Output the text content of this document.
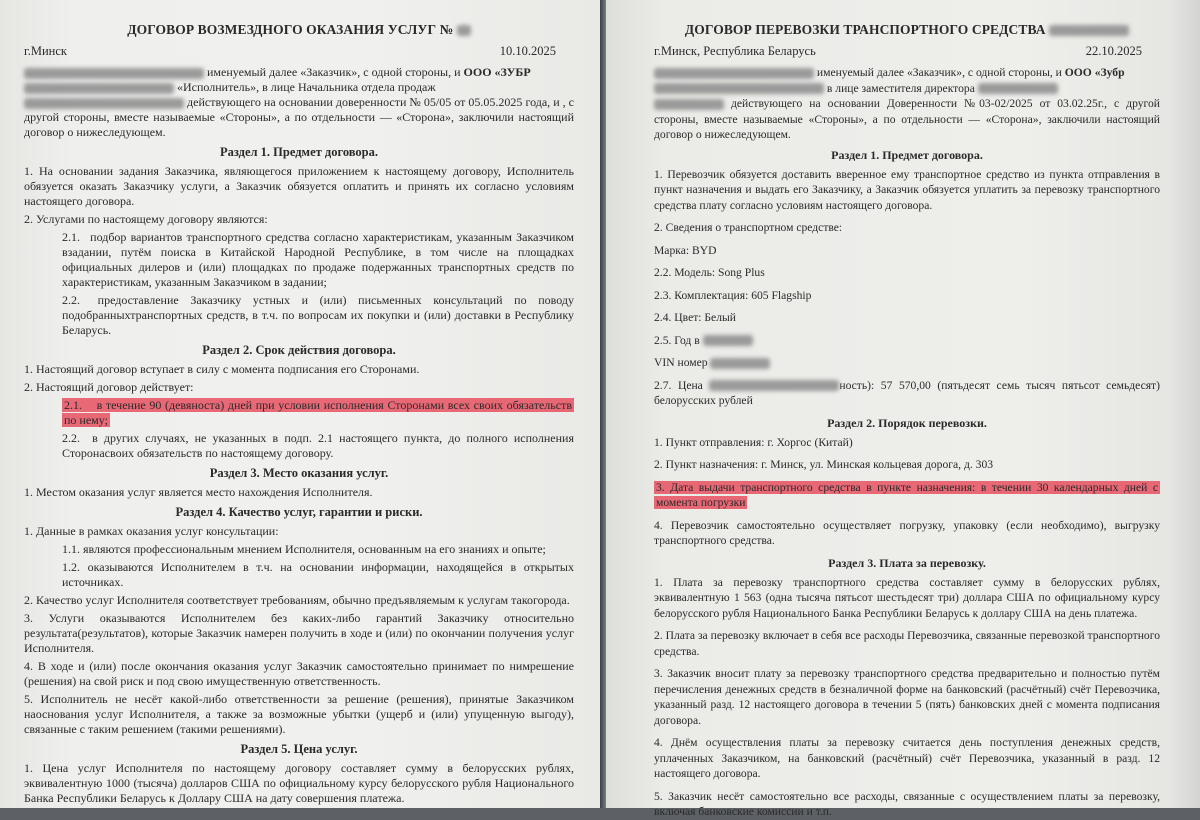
ДОГОВОР ВОЗМЕЗДНОГО ОКАЗАНИЯ УСЛУГ №
г.Минск	10.10.2025

именуемый далее «Заказчик», с одной стороны, и ООО «ЗУБР
«Исполнитель», в лице Начальника отдела продаж
действующего на основании доверенности № 05/05 от 05.05.2025 года, и , с другой стороны, вместе называемые «Стороны», а по отдельности — «Сторона», заключили настоящий договор о нижеследующем.

Раздел 1. Предмет договора.

1. На основании задания Заказчика, являющегося приложением к настоящему договору, Исполнитель обязуется оказать Заказчику услуги, а Заказчик обязуется оплатить и принять их согласно условиям настоящего договора.

2. Услугами по настоящему договору являются:

2.1. подбор вариантов транспортного средства согласно характеристикам, указанным Заказчиком взадании, путём поиска в Китайской Народной Республике, в том числе на площадках официальных дилеров и (или) площадках по продаже подержанных транспортных средств по характеристикам, указанным Заказчиком в задании;

2.2. предоставление Заказчику устных и (или) письменных консультаций по поводу подобранныхтранспортных средств, в т.ч. по вопросам их покупки и (или) доставки в Республику Беларусь.

Раздел 2. Срок действия договора.

1. Настоящий договор вступает в силу с момента подписания его Сторонами.

2. Настоящий договор действует:

2.1. в течение 90 (девяноста) дней при условии исполнения Сторонами всех своих обязательств по нему;

2.2. в других случаях, не указанных в подп. 2.1 настоящего пункта, до полного исполнения Сторонасвоих обязательств по настоящему договору.

Раздел 3. Место оказания услуг.

1. Местом оказания услуг является место нахождения Исполнителя.

Раздел 4. Качество услуг, гарантии и риски.

1. Данные в рамках оказания услуг консультации:

1.1. являются профессиональным мнением Исполнителя, основанным на его знаниях и опыте;

1.2. оказываются Исполнителем в т.ч. на основании информации, находящейся в открытых источниках.

2. Качество услуг Исполнителя соответствует требованиям, обычно предъявляемым к услугам такогорода.

3. Услуги оказываются Исполнителем без каких-либо гарантий Заказчику относительно результата(результатов), которые Заказчик намерен получить в ходе и (или) по окончании получения услуг Исполнителя.

4. В ходе и (или) после окончания оказания услуг Заказчик самостоятельно принимает по нимрешение (решения) на свой риск и под свою имущественную ответственность.

5. Исполнитель не несёт какой-либо ответственности за решение (решения), принятые Заказчиком наоснования услуг Исполнителя, а также за возможные убытки (ущерб и (или) упущенную выгоду), связанные с таким решением (такими решениями).

Раздел 5. Цена услуг.

1. Цена услуг Исполнителя по настоящему договору составляет сумму в белорусских рублях, эквивалентную 1000 (тысяча) долларов США по официальному курсу белорусского рубля Национального Банка Республики Беларусь к Доллару США на дату совершения платежа.

ДОГОВОР ПЕРЕВОЗКИ ТРАНСПОРТНОГО СРЕДСТВА
г.Минск, Республика Беларусь	22.10.2025

именуемый далее «Заказчик», с одной стороны, и ООО «Зубр
в лице заместителя директора
действующего на основании Доверенности №03-02/2025 от 03.02.25г., с другой стороны, вместе называемые «Стороны», а по отдельности — «Сторона», заключили настоящий договор о нижеследующем.

Раздел 1. Предмет договора.

1. Перевозчик обязуется доставить вверенное ему транспортное средство из пункта отправления в пункт назначения и выдать его Заказчику, а Заказчик обязуется уплатить за перевозку транспортного средства плату согласно условиям настоящего договора.

2. Сведения о транспортном средстве:

Марка: BYD

2.2. Модель: Song Plus

2.3. Комплектация: 605 Flagship

2.4. Цвет: Белый

2.5. Год в

VIN номер

2.7. Цена	ность): 57 570,00 (пятьдесят семь тысяч пятьсот семьдесят) белорусских рублей

Раздел 2. Порядок перевозки.

1. Пункт отправления: г. Хоргос (Китай)

2. Пункт назначения: г. Минск, ул. Минская кольцевая дорога, д. 303

3. Дата выдачи транспортного средства в пункте назначения: в течении 30 календарных дней с момента погрузки

4. Перевозчик самостоятельно осуществляет погрузку, упаковку (если необходимо), выгрузку транспортного средства.

Раздел 3. Плата за перевозку.

1. Плата за перевозку транспортного средства составляет сумму в белорусских рублях, эквивалентную 1 563 (одна тысяча пятьсот шестьдесят три) доллара США по официальному курсу белорусского рубля Национального Банка Республики Беларусь к доллару США на день платежа.

2. Плата за перевозку включает в себя все расходы Перевозчика, связанные перевозкой транспортного средства.

3. Заказчик вносит плату за перевозку транспортного средства предварительно и полностью путём перечисления денежных средств в безналичной форме на банковский (расчётный) счёт Перевозчика, указанный разд. 12 настоящего договора в течении 5 (пять) банковских дней с момента подписания договора.

4. Днём осуществления платы за перевозку считается день поступления денежных средств, уплаченных Заказчиком, на банковский (расчётный) счёт Перевозчика, указанный в разд. 12 настоящего договора.

5. Заказчик несёт самостоятельно все расходы, связанные с осуществлением платы за перевозку, включая банковские комиссии и т.п.
